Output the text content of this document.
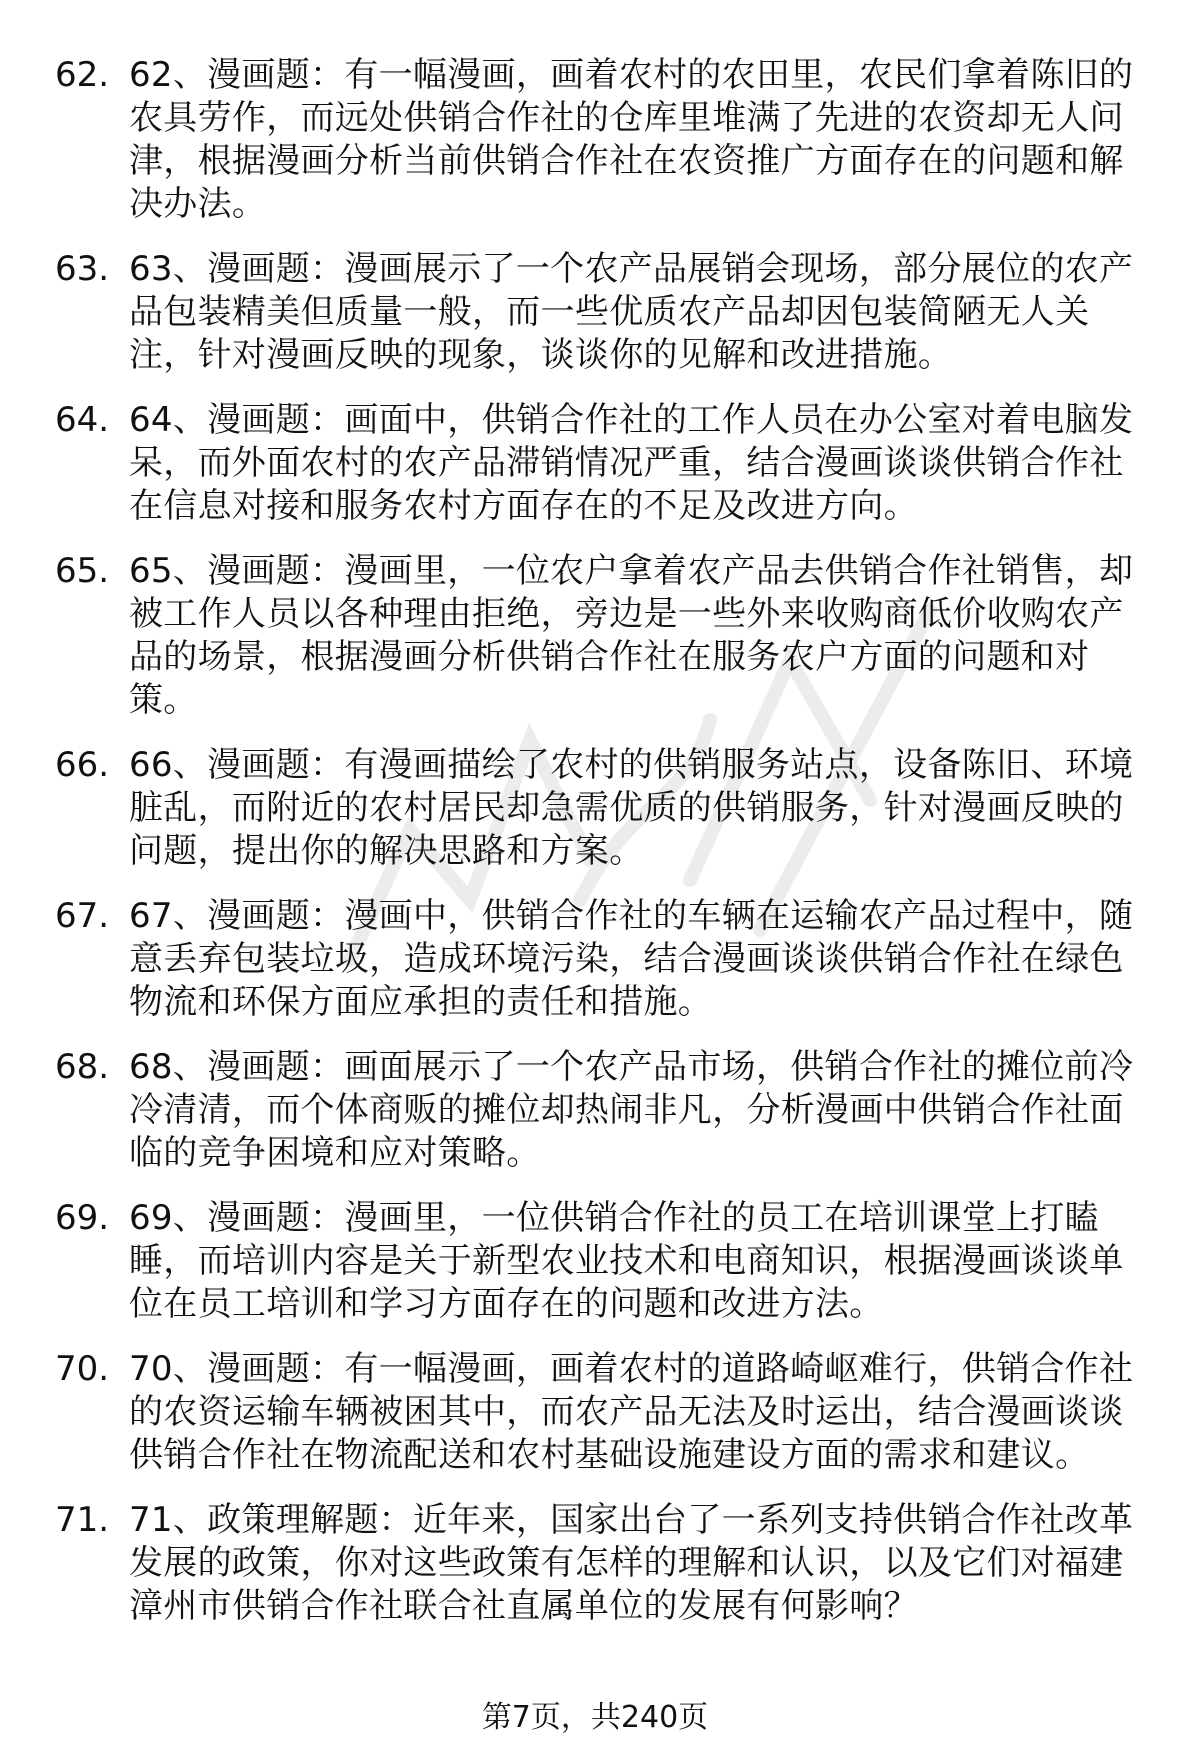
62. 62、漫画题：有一幅漫画，画着农村的农田里，农民们拿着陈旧的农具劳作，而远处供销合作社的仓库里堆满了先进的农资却无人问津，根据漫画分析当前供销合作社在农资推广方面存在的问题和解决办法。
63. 63、漫画题：漫画展示了一个农产品展销会现场，部分展位的农产品包装精美但质量一般，而一些优质农产品却因包装简陋无人关注，针对漫画反映的现象，谈谈你的见解和改进措施。
64. 64、漫画题：画面中，供销合作社的工作人员在办公室对着电脑发呆，而外面农村的农产品滞销情况严重，结合漫画谈谈供销合作社在信息对接和服务农村方面存在的不足及改进方向。
65. 65、漫画题：漫画里，一位农户拿着农产品去供销合作社销售，却被工作人员以各种理由拒绝，旁边是一些外来收购商低价收购农产品的场景，根据漫画分析供销合作社在服务农户方面的问题和对策。
66. 66、漫画题：有漫画描绘了农村的供销服务站点，设备陈旧、环境脏乱，而附近的农村居民却急需优质的供销服务，针对漫画反映的问题，提出你的解决思路和方案。
67. 67、漫画题：漫画中，供销合作社的车辆在运输农产品过程中，随意丢弃包装垃圾，造成环境污染，结合漫画谈谈供销合作社在绿色物流和环保方面应承担的责任和措施。
68. 68、漫画题：画面展示了一个农产品市场，供销合作社的摊位前冷冷清清，而个体商贩的摊位却热闹非凡，分析漫画中供销合作社面临的竞争困境和应对策略。
69. 69、漫画题：漫画里，一位供销合作社的员工在培训课堂上打瞌睡，而培训内容是关于新型农业技术和电商知识，根据漫画谈谈单位在员工培训和学习方面存在的问题和改进方法。
70. 70、漫画题：有一幅漫画，画着农村的道路崎岖难行，供销合作社的农资运输车辆被困其中，而农产品无法及时运出，结合漫画谈谈供销合作社在物流配送和农村基础设施建设方面的需求和建议。
71. 71、政策理解题：近年来，国家出台了一系列支持供销合作社改革发展的政策，你对这些政策有怎样的理解和认识，以及它们对福建漳州市供销合作社联合社直属单位的发展有何影响？
第7页，共240页
